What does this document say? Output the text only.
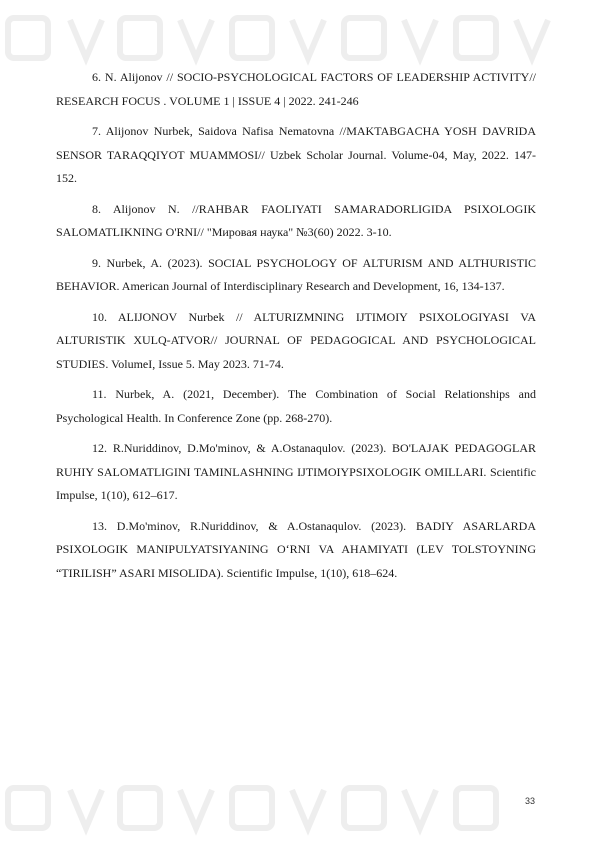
6. N. Alijonov // SOCIO-PSYCHOLOGICAL FACTORS OF LEADERSHIP ACTIVITY// RESEARCH FOCUS . VOLUME 1 | ISSUE 4 | 2022. 241-246

7. Alijonov Nurbek, Saidova Nafisa Nematovna //MAKTABGACHA YOSH DAVRIDA SENSOR TARAQQIYOT MUAMMOSI// Uzbek Scholar Journal. Volume-04, May, 2022. 147-152.

8. Alijonov N. //RAHBAR FAOLIYATI SAMARADORLIGIDA PSIXOLOGIK SALOMATLIKNING O'RNI// "Мировая наука" №3(60) 2022. 3-10.

9. Nurbek, A. (2023). SOCIAL PSYCHOLOGY OF ALTURISM AND ALTHURISTIC BEHAVIOR. American Journal of Interdisciplinary Research and Development, 16, 134-137.

10. ALIJONOV Nurbek // ALTURIZMNING IJTIMOIY PSIXOLOGIYASI VA ALTURISTIK XULQ-ATVOR// JOURNAL OF PEDAGOGICAL AND PSYCHOLOGICAL STUDIES. VolumeI, Issue 5. May 2023. 71-74.

11. Nurbek, A. (2021, December). The Combination of Social Relationships and Psychological Health. In Conference Zone (pp. 268-270).

12. R.Nuriddinov, D.Mo'minov, & A.Ostanaqulov. (2023). BO'LAJAK PEDAGOGLAR RUHIY SALOMATLIGINI TAMINLASHNING IJTIMOIYPSIXOLOGIK OMILLARI. Scientific Impulse, 1(10), 612–617.

13. D.Mo'minov, R.Nuriddinov, & A.Ostanaqulov. (2023). BADIY ASARLARDA PSIXOLOGIK MANIPULYATSIYANING O‘RNI VA AHAMIYATI (LEV TOLSTOYNING “TIRILISH” ASARI MISOLIDA). Scientific Impulse, 1(10), 618–624.

33
